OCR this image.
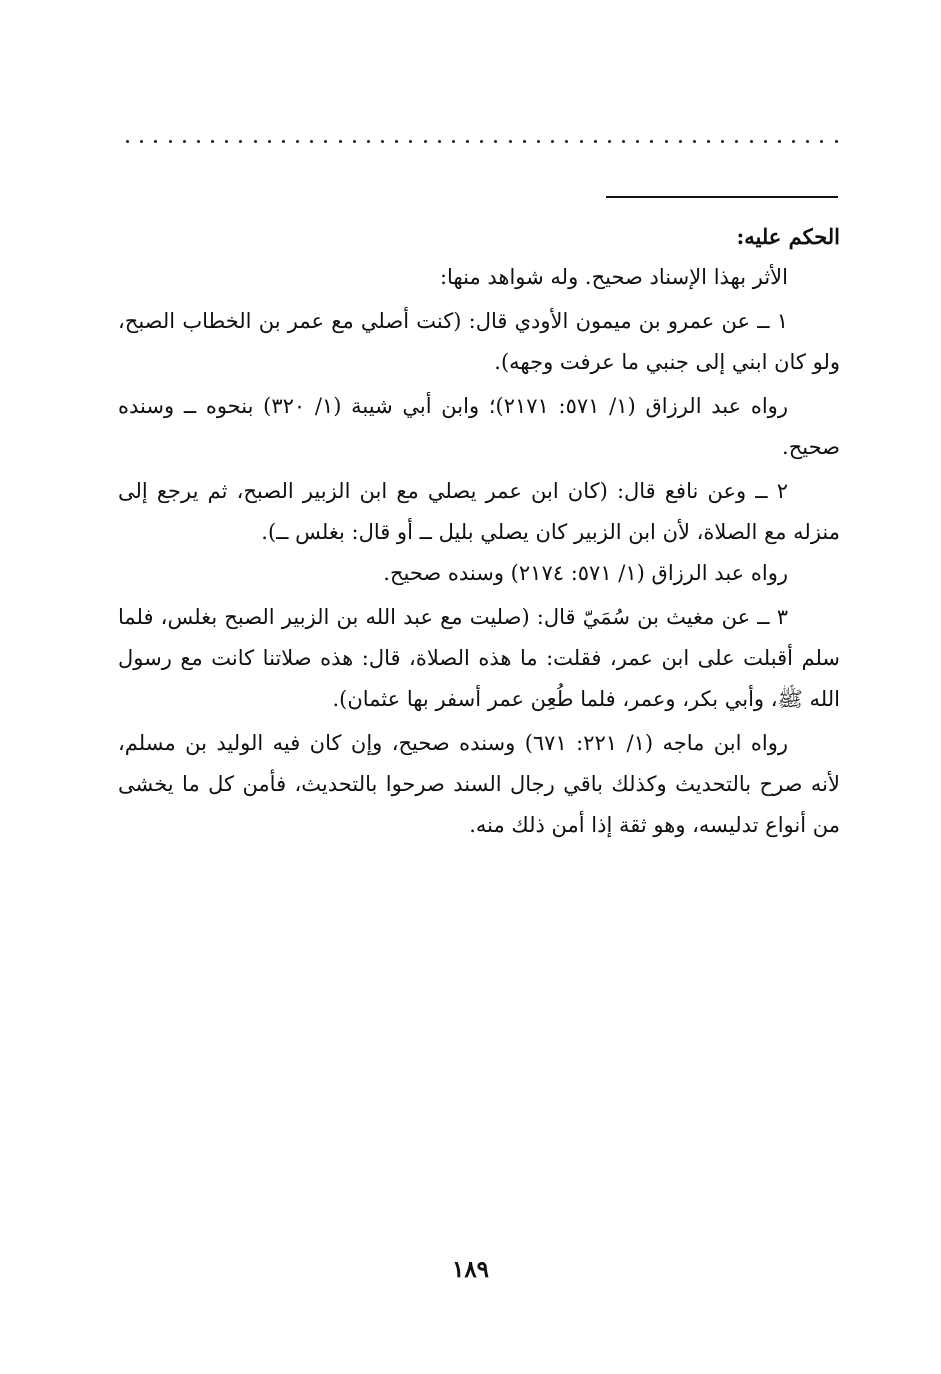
الحكم عليه:

الأثر بهذا الإسناد صحيح. وله شواهد منها:

١ ــ عن عمرو بن ميمون الأودي قال: (كنت أصلي مع عمر بن الخطاب الصبح، ولو كان ابني إلى جنبي ما عرفت وجهه).

رواه عبد الرزاق (١/ ٥٧١: ٢١٧١)؛ وابن أبي شيبة (١/ ٣٢٠) بنحوه ــ وسنده صحيح.

٢ ــ وعن نافع قال: (كان ابن عمر يصلي مع ابن الزبير الصبح، ثم يرجع إلى منزله مع الصلاة، لأن ابن الزبير كان يصلي بليل ــ أو قال: بغلس ــ).

رواه عبد الرزاق (١/ ٥٧١: ٢١٧٤) وسنده صحيح.

٣ ــ عن مغيث بن سُمَيّ قال: (صليت مع عبد الله بن الزبير الصبح بغلس، فلما سلم أقبلت على ابن عمر، فقلت: ما هذه الصلاة، قال: هذه صلاتنا كانت مع رسول الله ﷺ، وأبي بكر، وعمر، فلما طُعِن عمر أسفر بها عثمان).

رواه ابن ماجه (١/ ٢٢١: ٦٧١) وسنده صحيح، وإن كان فيه الوليد بن مسلم، لأنه صرح بالتحديث وكذلك باقي رجال السند صرحوا بالتحديث، فأمن كل ما يخشى من أنواع تدليسه، وهو ثقة إذا أمن ذلك منه.

١٨٩
